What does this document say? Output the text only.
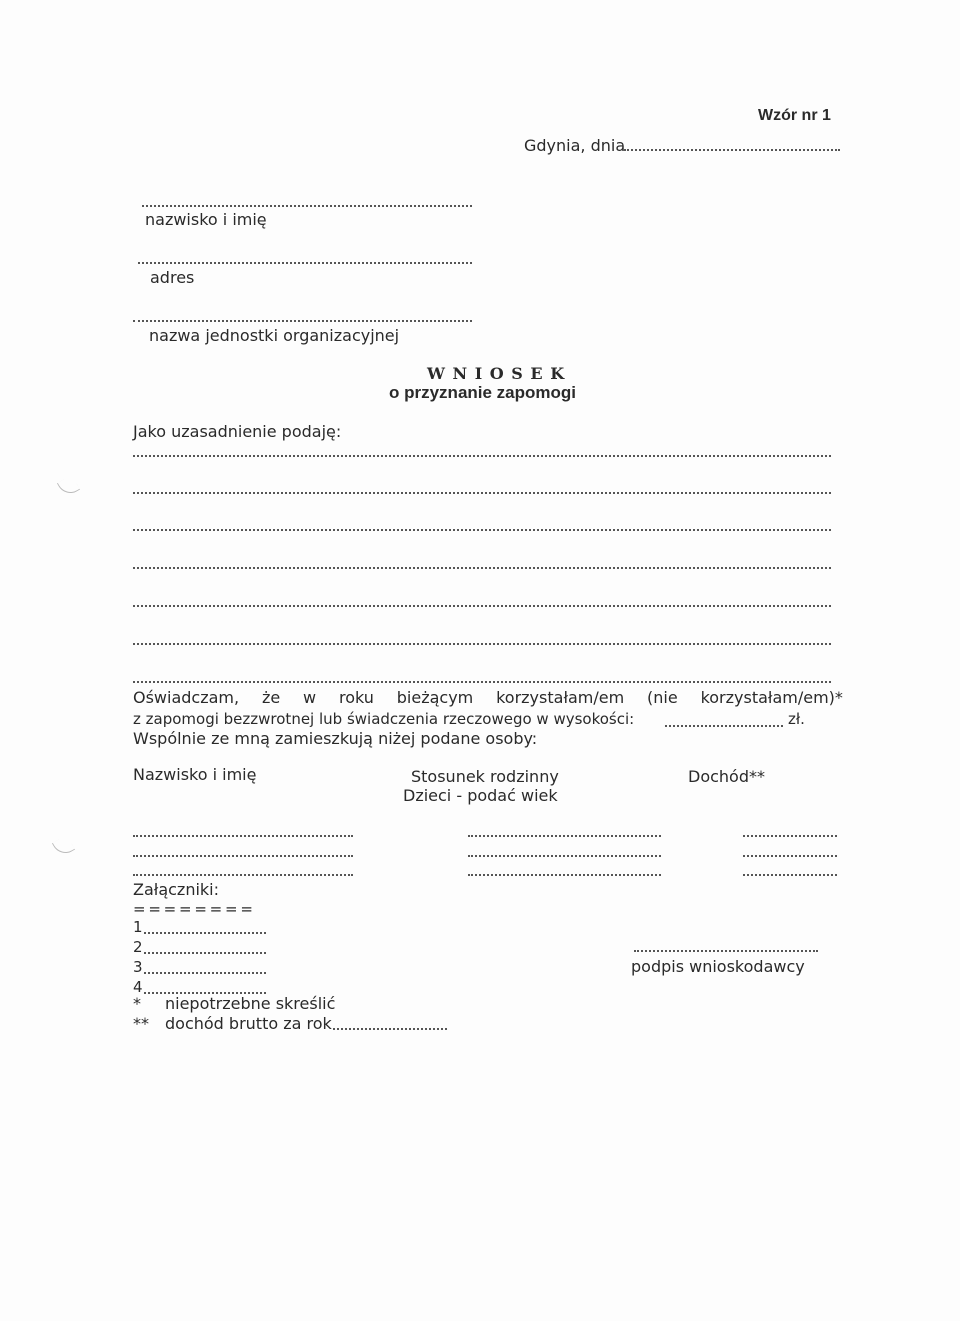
Wzór nr 1
Gdynia, dnia
nazwisko i imię
adres
nazwa jednostki organizacyjnej
W N I O S E K
o przyznanie zapomogi
Jako uzasadnienie podaję:
Oświadczam, że w roku bieżącym korzystałam/em (nie korzystałam/em)*
z zapomogi bezzwrotnej lub świadczenia rzeczowego w wysokości:	zł.
Wspólnie ze mną zamieszkują niżej podane osoby:
Nazwisko i imię	Stosunek rodzinny
Dzieci - podać wiek
Dochód**
Załączniki:
= = = = = = = =
1
2
3
4
podpis wnioskodawcy
* niepotrzebne skreślić
** dochód brutto za rok
